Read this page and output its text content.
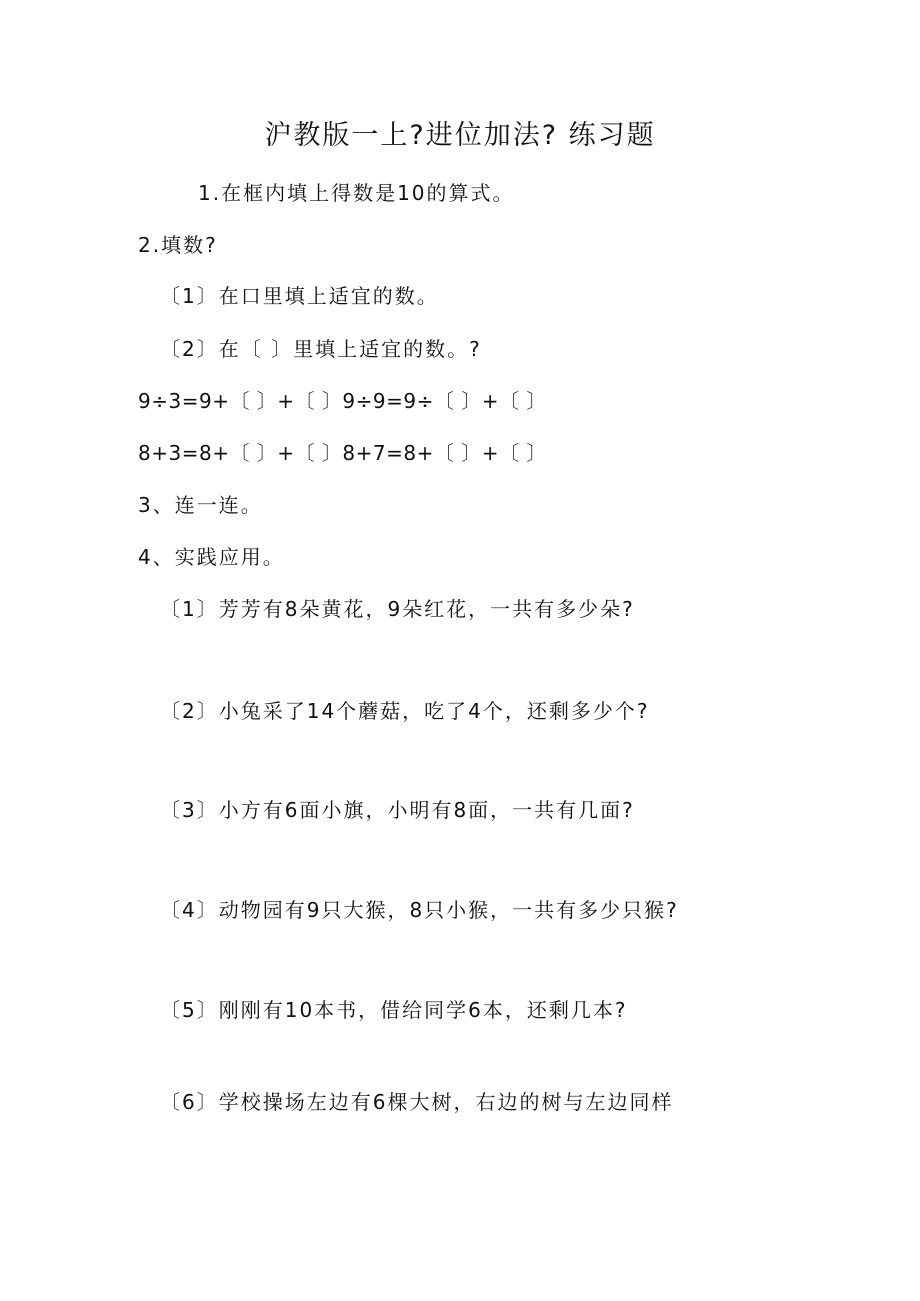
沪教版一上?进位加法? 练习题
1.在框内填上得数是10的算式。
2.填数?
〔1〕在口里填上适宜的数。
〔2〕在〔 〕里填上适宜的数。?
9÷3=9+〔 〕+〔 〕9÷9=9÷〔 〕+〔 〕
8+3=8+〔 〕+〔 〕8+7=8+〔 〕+〔 〕
3、连一连。
4、实践应用。
〔1〕芳芳有8朵黄花，9朵红花，一共有多少朵?
〔2〕小兔采了14个蘑菇，吃了4个，还剩多少个?
〔3〕小方有6面小旗，小明有8面，一共有几面?
〔4〕动物园有9只大猴，8只小猴，一共有多少只猴?
〔5〕刚刚有10本书，借给同学6本，还剩几本?
〔6〕学校操场左边有6棵大树，右边的树与左边同样
